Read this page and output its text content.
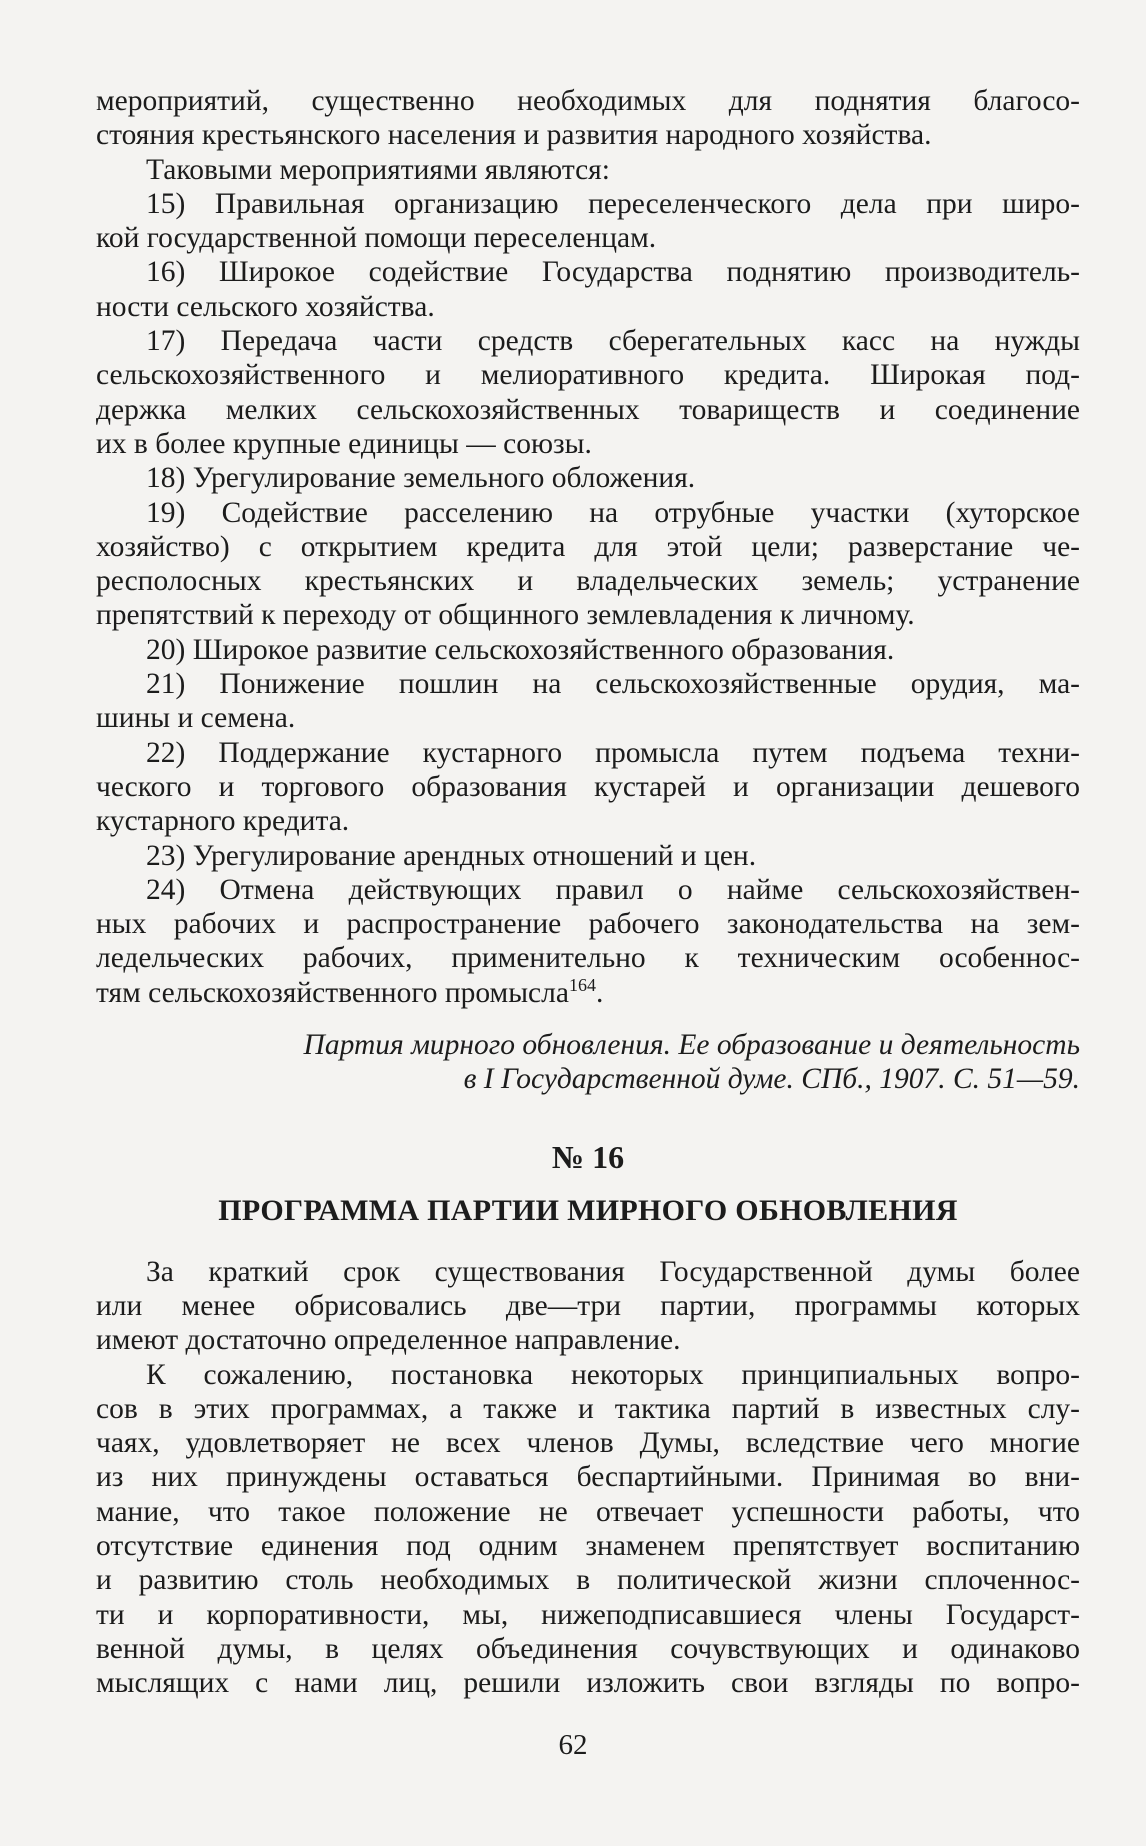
мероприятий, существенно необходимых для поднятия благосо-
стояния крестьянского населения и развития народного хозяйства.
Таковыми мероприятиями являются:
15) Правильная организацию переселенческого дела при широ-
кой государственной помощи переселенцам.
16) Широкое содействие Государства поднятию производитель-
ности сельского хозяйства.
17) Передача части средств сберегательных касс на нужды
сельскохозяйственного и мелиоративного кредита. Широкая под-
держка мелких сельскохозяйственных товариществ и соединение
их в более крупные единицы — союзы.
18) Урегулирование земельного обложения.
19) Содействие расселению на отрубные участки (хуторское
хозяйство) с открытием кредита для этой цели; разверстание че-
респолосных крестьянских и владельческих земель; устранение
препятствий к переходу от общинного землевладения к личному.
20) Широкое развитие сельскохозяйственного образования.
21) Понижение пошлин на сельскохозяйственные орудия, ма-
шины и семена.
22) Поддержание кустарного промысла путем подъема техни-
ческого и торгового образования кустарей и организации дешевого
кустарного кредита.
23) Урегулирование арендных отношений и цен.
24) Отмена действующих правил о найме сельскохозяйствен-
ных рабочих и распространение рабочего законодательства на зем-
ледельческих рабочих, применительно к техническим особеннос-
тям сельскохозяйственного промысла$^{164}$.
Партия мирного обновления. Ее образование и деятельность
в I Государственной думе. СПб., 1907. С. 51—59.
№ 16
ПРОГРАММА ПАРТИИ МИРНОГО ОБНОВЛЕНИЯ
За краткий срок существования Государственной думы более
или менее обрисовались две—три партии, программы которых
имеют достаточно определенное направление.
К сожалению, постановка некоторых принципиальных вопро-
сов в этих программах, а также и тактика партий в известных слу-
чаях, удовлетворяет не всех членов Думы, вследствие чего многие
из них принуждены оставаться беспартийными. Принимая во вни-
мание, что такое положение не отвечает успешности работы, что
отсутствие единения под одним знаменем препятствует воспитанию
и развитию столь необходимых в политической жизни сплоченнос-
ти и корпоративности, мы, нижеподписавшиеся члены Государст-
венной думы, в целях объединения сочувствующих и одинаково
мыслящих с нами лиц, решили изложить свои взгляды по вопро-
62
